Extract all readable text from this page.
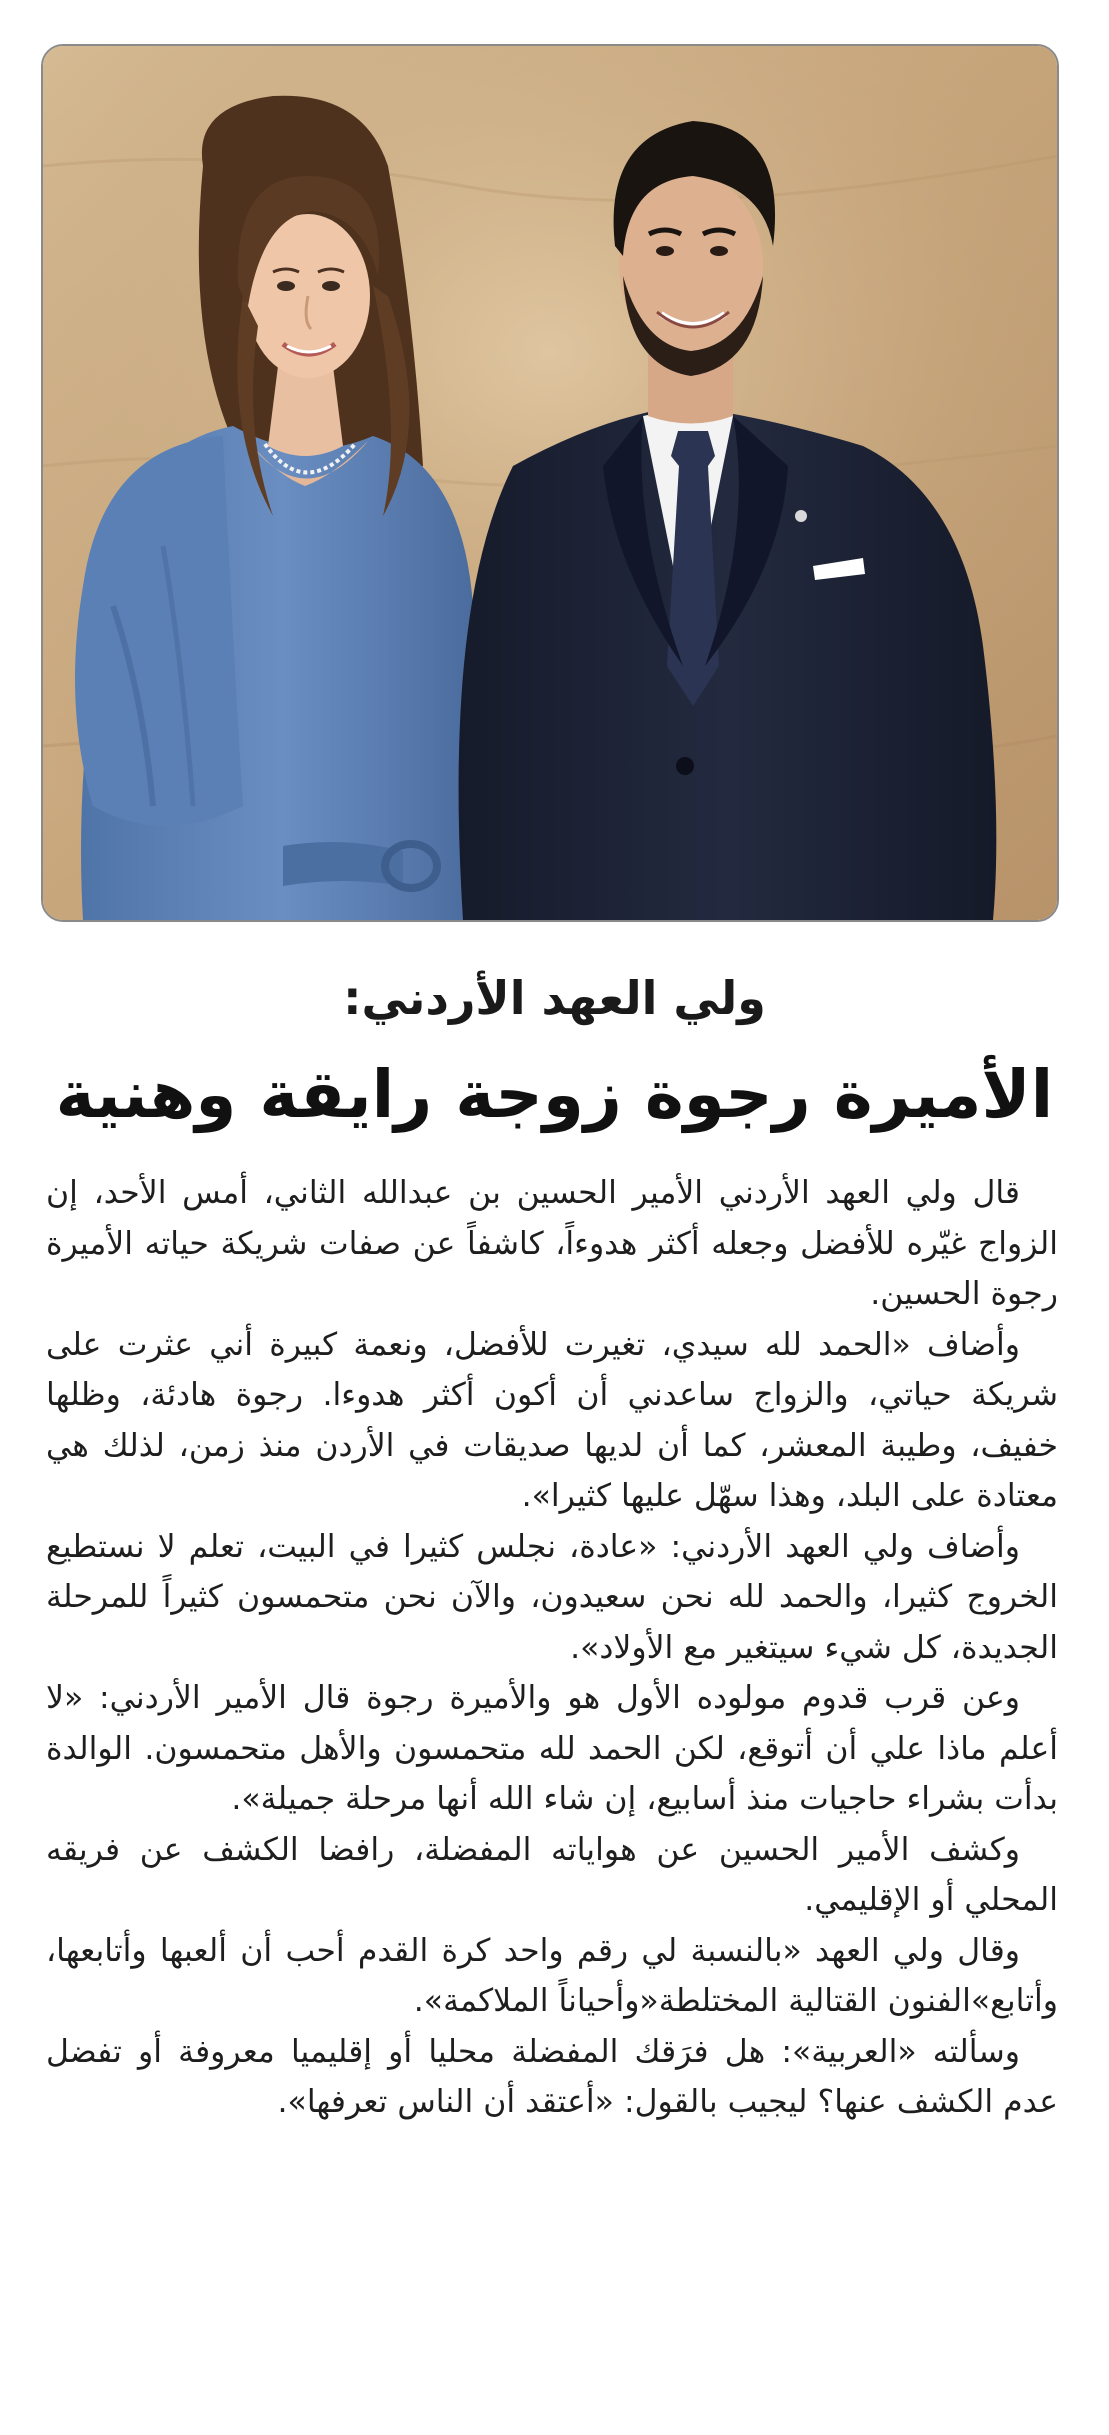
ولي العهد الأردني:
الأميرة رجوة زوجة رايقة وهنية

قال ولي العهد الأردني الأمير الحسين بن عبدالله الثاني، أمس الأحد، إن الزواج غيّره للأفضل وجعله أكثر هدوءاً، كاشفاً عن صفات شريكة حياته الأميرة رجوة الحسين.

وأضاف «الحمد لله سيدي، تغيرت للأفضل، ونعمة كبيرة أني عثرت على شريكة حياتي، والزواج ساعدني أن أكون أكثر هدوءا. رجوة هادئة، وظلها خفيف، وطيبة المعشر، كما أن لديها صديقات في الأردن منذ زمن، لذلك هي معتادة على البلد، وهذا سهّل عليها كثيرا».

وأضاف ولي العهد الأردني: «عادة، نجلس كثيرا في البيت، تعلم لا نستطيع الخروج كثيرا، والحمد لله نحن سعيدون، والآن نحن متحمسون كثيراً للمرحلة الجديدة، كل شيء سيتغير مع الأولاد».

وعن قرب قدوم مولوده الأول هو والأميرة رجوة قال الأمير الأردني: «لا أعلم ماذا علي أن أتوقع، لكن الحمد لله متحمسون والأهل متحمسون. الوالدة بدأت بشراء حاجيات منذ أسابيع، إن شاء الله أنها مرحلة جميلة».

وكشف الأمير الحسين عن هواياته المفضلة، رافضا الكشف عن فريقه المحلي أو الإقليمي.

وقال ولي العهد «بالنسبة لي رقم واحد كرة القدم أحب أن ألعبها وأتابعها، وأتابع»الفنون القتالية المختلطة«وأحياناً الملاكمة».

وسألته «العربية»: هل فرَقك المفضلة محليا أو إقليميا معروفة أو تفضل عدم الكشف عنها؟ ليجيب بالقول: «أعتقد أن الناس تعرفها».
